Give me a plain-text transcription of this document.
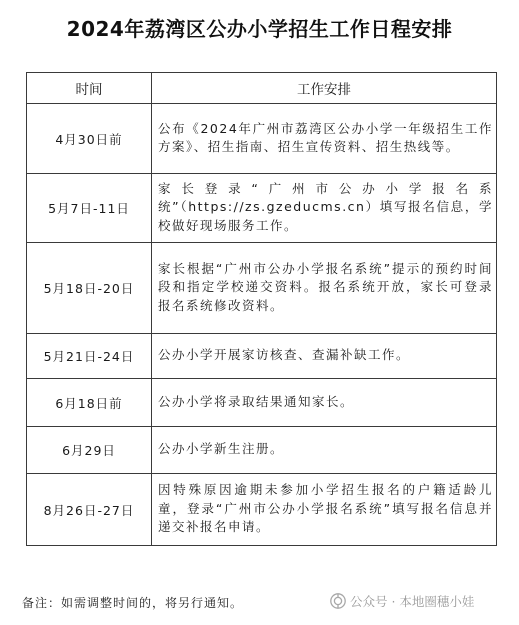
2024年荔湾区公办小学招生工作日程安排
时间	工作安排
4月30日前	公布《2024年广州市荔湾区公办小学一年级招生工作方案》、招生指南、招生宣传资料、招生热线等。
5月7日-11日	家长登录“广州市公办小学报名系统”（https://zs.gzeducms.cn）填写报名信息，学校做好现场服务工作。
5月18日-20日	家长根据“广州市公办小学报名系统”提示的预约时间段和指定学校递交资料。报名系统开放，家长可登录报名系统修改资料。
5月21日-24日	公办小学开展家访核查、查漏补缺工作。
6月18日前	公办小学将录取结果通知家长。
6月29日	公办小学新生注册。
8月26日-27日	因特殊原因逾期未参加小学招生报名的户籍适龄儿童，登录“广州市公办小学报名系统”填写报名信息并递交补报名申请。
备注：如需调整时间的，将另行通知。	公众号 · 本地圈穗小娃
